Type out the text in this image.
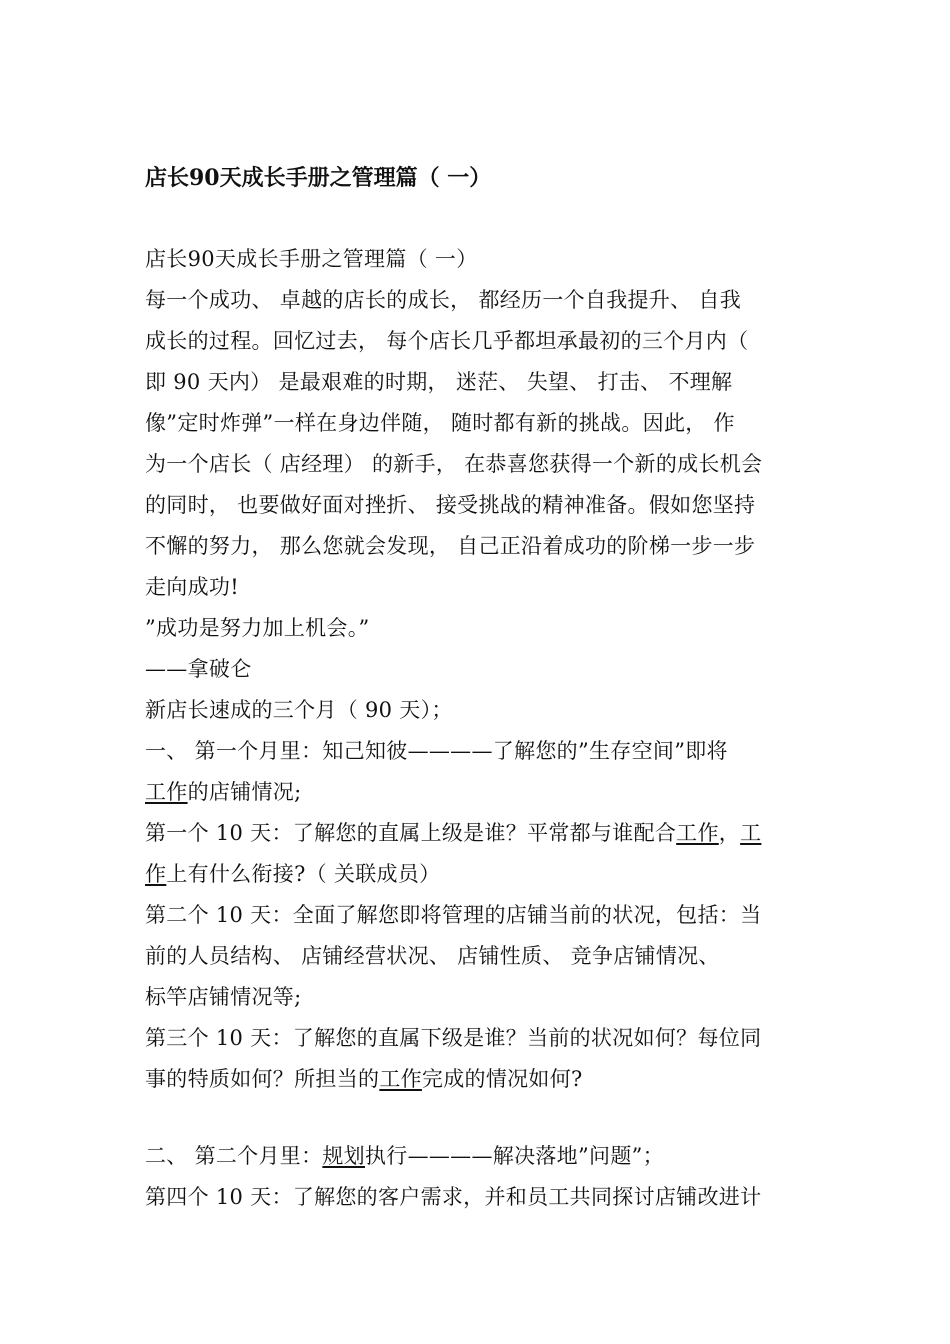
店长90天成长手册之管理篇（ 一）
店长90天成长手册之管理篇（ 一）
每一个成功、 卓越的店长的成长， 都经历一个自我提升、 自我
成长的过程。回忆过去， 每个店长几乎都坦承最初的三个月内（
即 90 天内） 是最艰难的时期， 迷茫、 失望、 打击、 不理解
像”定时炸弹”一样在身边伴随， 随时都有新的挑战。因此， 作
为一个店长（ 店经理） 的新手， 在恭喜您获得一个新的成长机会
的同时， 也要做好面对挫折、 接受挑战的精神准备。假如您坚持
不懈的努力， 那么您就会发现， 自己正沿着成功的阶梯一步一步
走向成功!
”成功是努力加上机会。”
——拿破仑
新店长速成的三个月（ 90 天）；
一、 第一个月里：知己知彼————了解您的”生存空间”即将
工作的店铺情况;
第一个 10 天：了解您的直属上级是谁？平常都与谁配合工作，工
作上有什么衔接?（ 关联成员）
第二个 10 天：全面了解您即将管理的店铺当前的状况，包括：当
前的人员结构、 店铺经营状况、 店铺性质、 竞争店铺情况、
标竿店铺情况等;
第三个 10 天：了解您的直属下级是谁？当前的状况如何？每位同
事的特质如何？所担当的工作完成的情况如何?
二、 第二个月里：规划执行————解决落地”问题”；
第四个 10 天：了解您的客户需求，并和员工共同探讨店铺改进计
